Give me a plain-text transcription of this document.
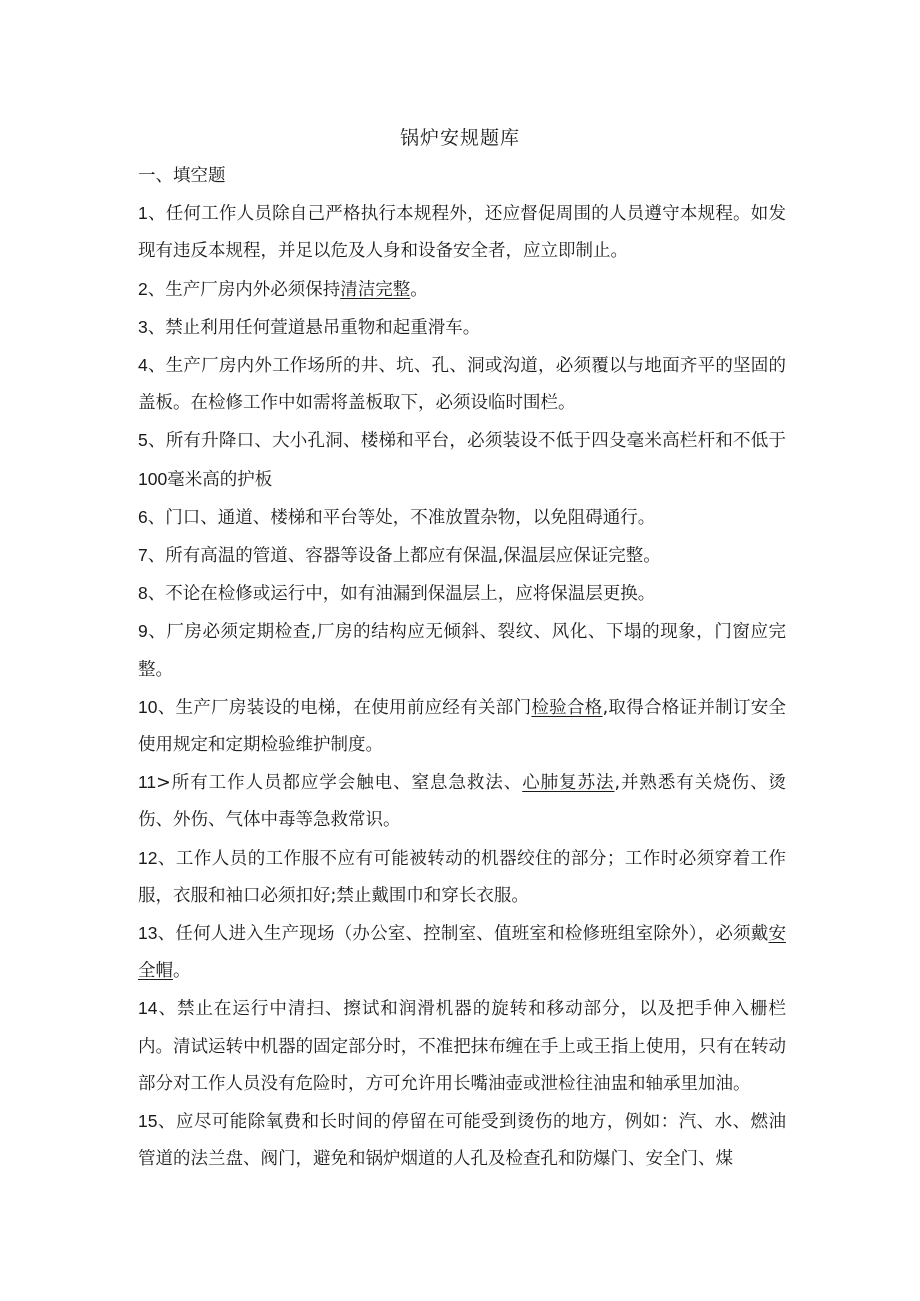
锅炉安规题库

一、填空题

1、任何工作人员除自己严格执行本规程外，还应督促周围的人员遵守本规程。如发现有违反本规程，并足以危及人身和设备安全者，应立即制止。

2、生产厂房内外必须保持清洁完整。

3、禁止利用任何萱道悬吊重物和起重滑车。

4、生产厂房内外工作场所的井、坑、孔、洞或沟道，必须覆以与地面齐平的坚固的盖板。在检修工作中如需将盖板取下，必须设临时围栏。

5、所有升降口、大小孔洞、楼梯和平台，必须装设不低于四殳毫米高栏杆和不低于100毫米高的护板

6、门口、通道、楼梯和平台等处，不准放置杂物，以免阻碍通行。

7、所有高温的管道、容器等设备上都应有保温,保温层应保证完整。

8、不论在检修或运行中，如有油漏到保温层上，应将保温层更换。

9、厂房必须定期检查,厂房的结构应无倾斜、裂纹、风化、下塌的现象，门窗应完整。

10、生产厂房装设的电梯，在使用前应经有关部门检验合格,取得合格证并制订安全使用规定和定期检验维护制度。

11>所有工作人员都应学会触电、窒息急救法、心肺复苏法,并熟悉有关烧伤、烫伤、外伤、气体中毒等急救常识。

12、工作人员的工作服不应有可能被转动的机器绞住的部分；工作时必须穿着工作服，衣服和袖口必须扣好;禁止戴围巾和穿长衣服。

13、任何人进入生产现场（办公室、控制室、值班室和检修班组室除外），必须戴安全帽。

14、禁止在运行中清扫、擦试和润滑机器的旋转和移动部分，以及把手伸入栅栏内。清试运转中机器的固定部分时，不准把抹布缠在手上或王指上使用，只有在转动部分对工作人员没有危险时，方可允许用长嘴油壶或泄检往油盅和轴承里加油。

15、应尽可能除氧费和长时间的停留在可能受到烫伤的地方，例如：汽、水、燃油管道的法兰盘、阀门，避免和锅炉烟道的人孔及检查孔和防爆门、安全门、煤
